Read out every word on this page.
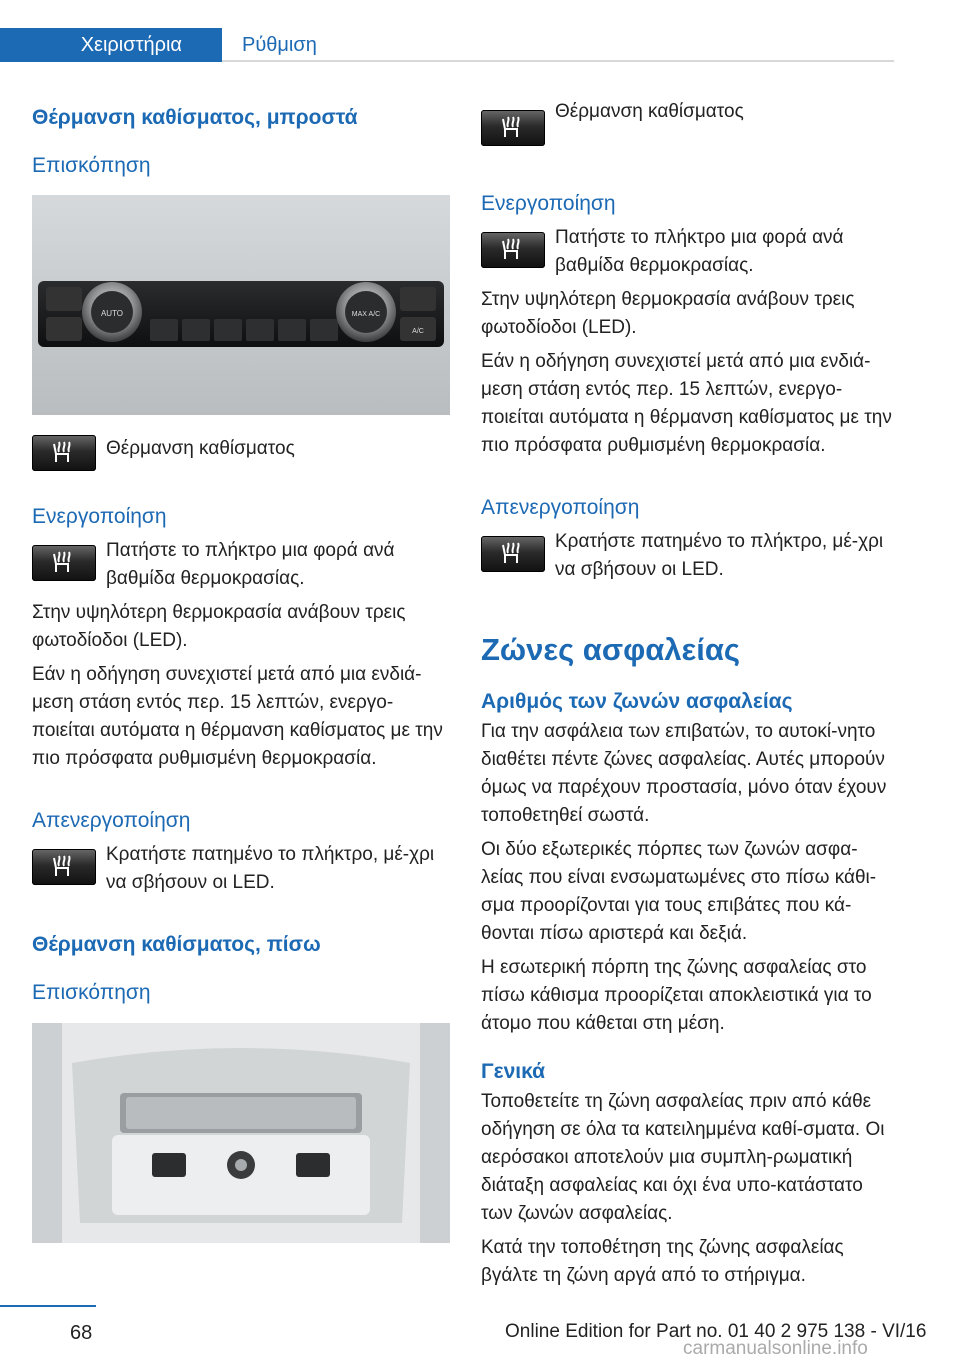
Χειριστήρια	Ρύθμιση
Θέρμανση καθίσματος, μπροστά
Επισκόπηση
AUTO	MAX A/C
A/C

Θέρμανση καθίσματος

Ενεργοποίηση

Πατήστε το πλήκτρο μια φορά ανά βαθμίδα θερμοκρασίας.

Στην υψηλότερη θερμοκρασία ανάβουν τρεις φωτοδίοδοι (LED).

Εάν η οδήγηση συνεχιστεί μετά από μια ενδιά-μεση στάση εντός περ. 15 λεπτών, ενεργο-ποιείται αυτόματα η θέρμανση καθίσματος με την πιο πρόσφατα ρυθμισμένη θερμοκρασία.

Απενεργοποίηση

Κρατήστε πατημένο το πλήκτρο, μέ-χρι να σβήσουν οι LED.

Θέρμανση καθίσματος, πίσω
Επισκόπηση

Θέρμανση καθίσματος

Ενεργοποίηση

Πατήστε το πλήκτρο μια φορά ανά βαθμίδα θερμοκρασίας.

Στην υψηλότερη θερμοκρασία ανάβουν τρεις φωτοδίοδοι (LED).

Εάν η οδήγηση συνεχιστεί μετά από μια ενδιά-μεση στάση εντός περ. 15 λεπτών, ενεργο-ποιείται αυτόματα η θέρμανση καθίσματος με την πιο πρόσφατα ρυθμισμένη θερμοκρασία.

Απενεργοποίηση

Κρατήστε πατημένο το πλήκτρο, μέ-χρι να σβήσουν οι LED.

Ζώνες ασφαλείας
Αριθμός των ζωνών ασφαλείας

Για την ασφάλεια των επιβατών, το αυτοκί-νητο διαθέτει πέντε ζώνες ασφαλείας. Αυτές μπορούν όμως να παρέχουν προστασία, μόνο όταν έχουν τοποθετηθεί σωστά.

Οι δύο εξωτερικές πόρπες των ζωνών ασφα-λείας που είναι ενσωματωμένες στο πίσω κάθι-σμα προορίζονται για τους επιβάτες που κά-θονται πίσω αριστερά και δεξιά.

Η εσωτερική πόρπη της ζώνης ασφαλείας στο πίσω κάθισμα προορίζεται αποκλειστικά για το άτομο που κάθεται στη μέση.

Γενικά

Τοποθετείτε τη ζώνη ασφαλείας πριν από κάθε οδήγηση σε όλα τα κατειλημμένα καθί-σματα. Οι αερόσακοι αποτελούν μια συμπλη-ρωματική διάταξη ασφαλείας και όχι ένα υπο-κατάστατο των ζωνών ασφαλείας.

Κατά την τοποθέτηση της ζώνης ασφαλείας βγάλτε τη ζώνη αργά από το στήριγμα.

68	Online Edition for Part no. 01 40 2 975 138 - VI/16
carmanualsonline.info
